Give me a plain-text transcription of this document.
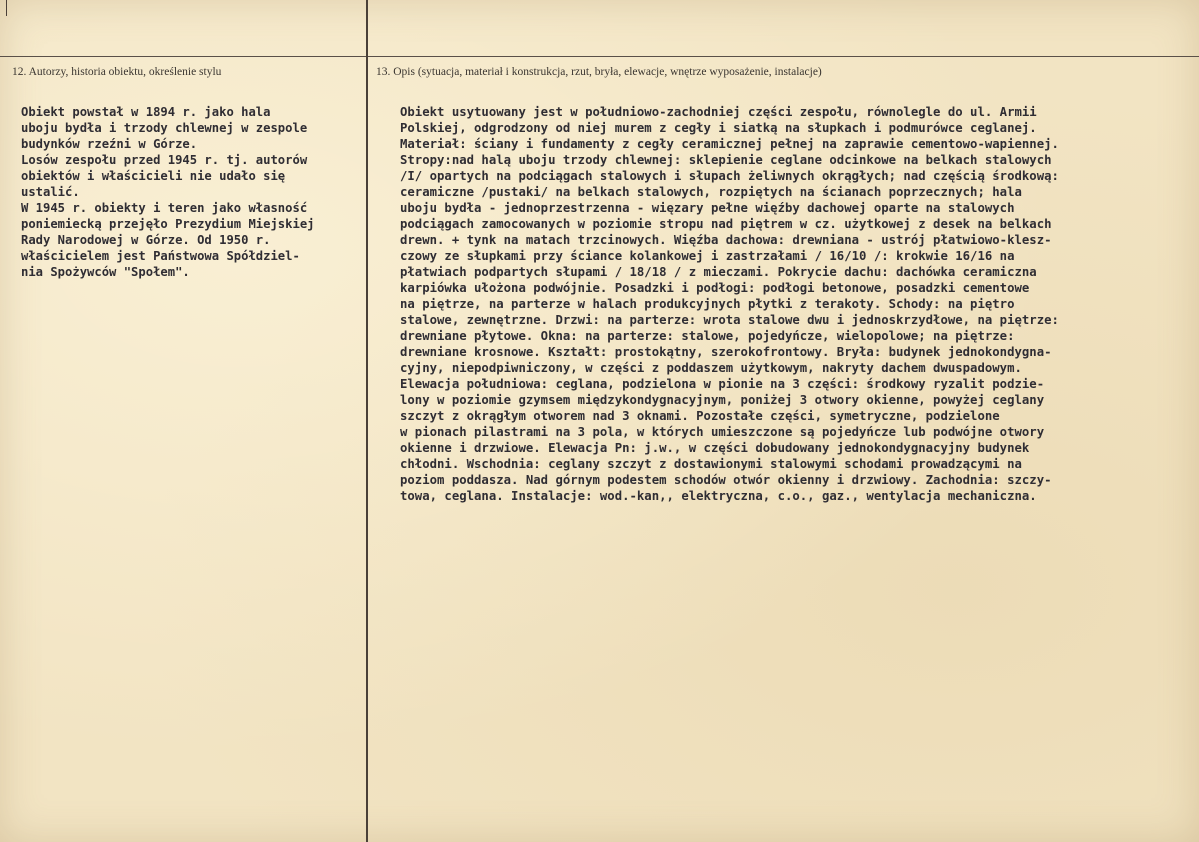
12. Autorzy, historia obiektu, określenie stylu	13. Opis (sytuacja, materiał i konstrukcja, rzut, bryła, elewacje, wnętrze wyposażenie, instalacje)
Obiekt powstał w 1894 r. jako hala
uboju bydła i trzody chlewnej w zespole
budynków rzeźni w Górze.
Losów zespołu przed 1945 r. tj. autorów
obiektów i właścicieli nie udało się
ustalić.
W 1945 r. obiekty i teren jako własność
poniemiecką przejęło Prezydium Miejskiej
Rady Narodowej w Górze. Od 1950 r.
właścicielem jest Państwowa Spółdziel-
nia Spożywców "Społem".
Obiekt usytuowany jest w południowo-zachodniej części zespołu, równolegle do ul. Armii
Polskiej, odgrodzony od niej murem z cegły i siatką na słupkach i podmurówce ceglanej.
Materiał: ściany i fundamenty z cegły ceramicznej pełnej na zaprawie cementowo-wapiennej.
Stropy:nad halą uboju trzody chlewnej: sklepienie ceglane odcinkowe na belkach stalowych
/I/ opartych na podciągach stalowych i słupach żeliwnych okrągłych; nad częścią środkową:
ceramiczne /pustaki/ na belkach stalowych, rozpiętych na ścianach poprzecznych; hala
uboju bydła - jednoprzestrzenna - więzary pełne więźby dachowej oparte na stalowych
podciągach zamocowanych w poziomie stropu nad piętrem w cz. użytkowej z desek na belkach
drewn. + tynk na matach trzcinowych. Więźba dachowa: drewniana - ustrój płatwiowo-klesz-
czowy ze słupkami przy ściance kolankowej i zastrzałami / 16/10 /: krokwie 16/16 na
płatwiach podpartych słupami / 18/18 / z mieczami. Pokrycie dachu: dachówka ceramiczna
karpiówka ułożona podwójnie. Posadzki i podłogi: podłogi betonowe, posadzki cementowe
na piętrze, na parterze w halach produkcyjnych płytki z terakoty. Schody: na piętro
stalowe, zewnętrzne. Drzwi: na parterze: wrota stalowe dwu i jednoskrzydłowe, na piętrze:
drewniane płytowe. Okna: na parterze: stalowe, pojedyńcze, wielopolowe; na piętrze:
drewniane krosnowe. Kształt: prostokątny, szerokofrontowy. Bryła: budynek jednokondygna-
cyjny, niepodpiwniczony, w części z poddaszem użytkowym, nakryty dachem dwuspadowym.
Elewacja południowa: ceglana, podzielona w pionie na 3 części: środkowy ryzalit podzie-
lony w poziomie gzymsem międzykondygnacyjnym, poniżej 3 otwory okienne, powyżej ceglany
szczyt z okrągłym otworem nad 3 oknami. Pozostałe części, symetryczne, podzielone
w pionach pilastrami na 3 pola, w których umieszczone są pojedyńcze lub podwójne otwory
okienne i drzwiowe. Elewacja Pn: j.w., w części dobudowany jednokondygnacyjny budynek
chłodni. Wschodnia: ceglany szczyt z dostawionymi stalowymi schodami prowadzącymi na
poziom poddasza. Nad górnym podestem schodów otwór okienny i drzwiowy. Zachodnia: szczy-
towa, ceglana. Instalacje: wod.-kan,, elektryczna, c.o., gaz., wentylacja mechaniczna.
